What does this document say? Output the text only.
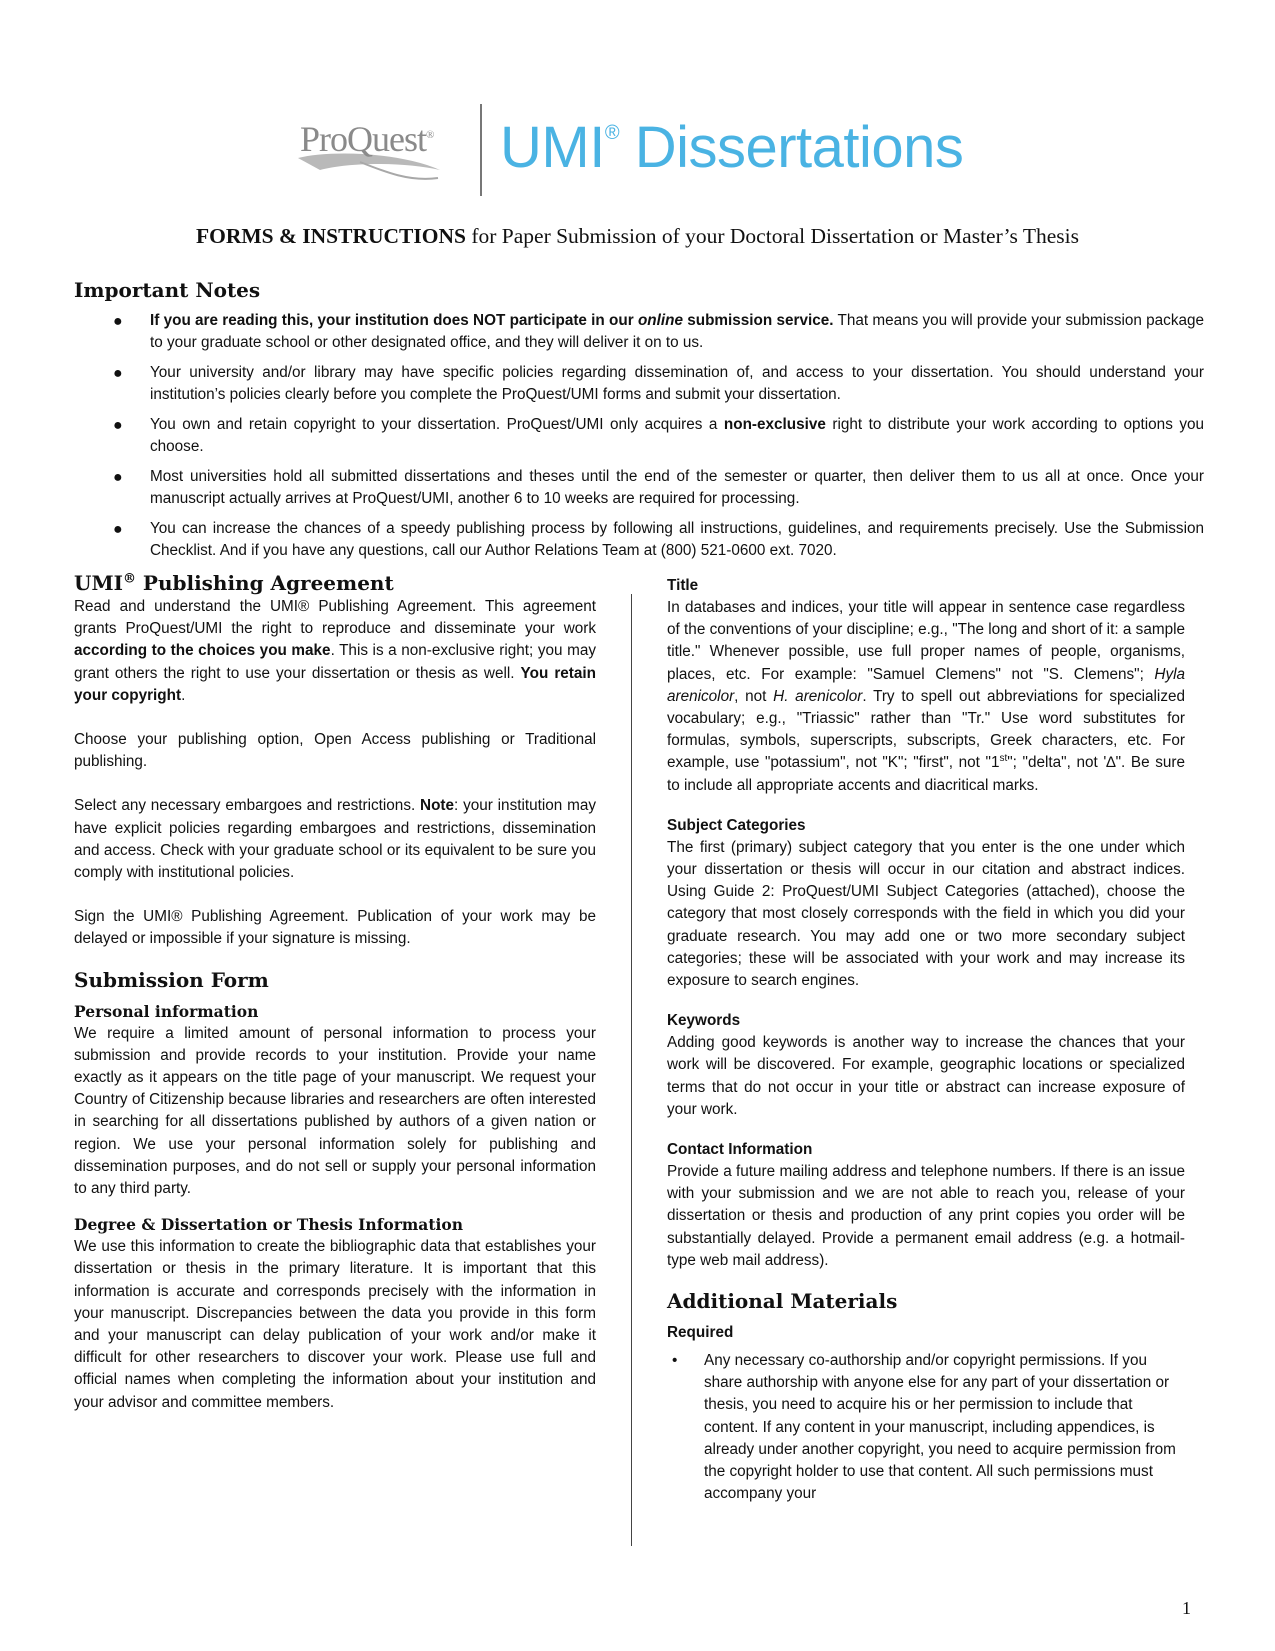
ProQuest® UMI® Dissertations
FORMS & INSTRUCTIONS for Paper Submission of your Doctoral Dissertation or Master’s Thesis
Important Notes
● If you are reading this, your institution does NOT participate in our online submission service. That means you will provide your submission package to your graduate school or other designated office, and they will deliver it on to us.
● Your university and/or library may have specific policies regarding dissemination of, and access to your dissertation. You should understand your institution’s policies clearly before you complete the ProQuest/UMI forms and submit your dissertation.
● You own and retain copyright to your dissertation. ProQuest/UMI only acquires a non-exclusive right to distribute your work according to options you choose.
● Most universities hold all submitted dissertations and theses until the end of the semester or quarter, then deliver them to us all at once. Once your manuscript actually arrives at ProQuest/UMI, another 6 to 10 weeks are required for processing.
● You can increase the chances of a speedy publishing process by following all instructions, guidelines, and requirements precisely. Use the Submission Checklist. And if you have any questions, call our Author Relations Team at (800) 521-0600 ext. 7020.
UMI® Publishing Agreement

Read and understand the UMI® Publishing Agreement. This agreement grants ProQuest/UMI the right to reproduce and disseminate your work according to the choices you make. This is a non-exclusive right; you may grant others the right to use your dissertation or thesis as well. You retain your copyright.

Choose your publishing option, Open Access publishing or Traditional publishing.

Select any necessary embargoes and restrictions. Note: your institution may have explicit policies regarding embargoes and restrictions, dissemination and access. Check with your graduate school or its equivalent to be sure you comply with institutional policies.

Sign the UMI® Publishing Agreement. Publication of your work may be delayed or impossible if your signature is missing.

Submission Form
Personal information

We require a limited amount of personal information to process your submission and provide records to your institution. Provide your name exactly as it appears on the title page of your manuscript. We request your Country of Citizenship because libraries and researchers are often interested in searching for all dissertations published by authors of a given nation or region. We use your personal information solely for publishing and dissemination purposes, and do not sell or supply your personal information to any third party.

Degree & Dissertation or Thesis Information

We use this information to create the bibliographic data that establishes your dissertation or thesis in the primary literature. It is important that this information is accurate and corresponds precisely with the information in your manuscript. Discrepancies between the data you provide in this form and your manuscript can delay publication of your work and/or make it difficult for other researchers to discover your work. Please use full and official names when completing the information about your institution and your advisor and committee members.

Title

In databases and indices, your title will appear in sentence case regardless of the conventions of your discipline; e.g., "The long and short of it: a sample title." Whenever possible, use full proper names of people, organisms, places, etc. For example: "Samuel Clemens" not "S. Clemens"; Hyla arenicolor, not H. arenicolor. Try to spell out abbreviations for specialized vocabulary; e.g., "Triassic" rather than "Tr." Use word substitutes for formulas, symbols, superscripts, subscripts, Greek characters, etc. For example, use "potassium", not "K"; "first", not "1st"; "delta", not '∆". Be sure to include all appropriate accents and diacritical marks.

Subject Categories

The first (primary) subject category that you enter is the one under which your dissertation or thesis will occur in our citation and abstract indices. Using Guide 2: ProQuest/UMI Subject Categories (attached), choose the category that most closely corresponds with the field in which you did your graduate research. You may add one or two more secondary subject categories; these will be associated with your work and may increase its exposure to search engines.

Keywords

Adding good keywords is another way to increase the chances that your work will be discovered. For example, geographic locations or specialized terms that do not occur in your title or abstract can increase exposure of your work.

Contact Information

Provide a future mailing address and telephone numbers. If there is an issue with your submission and we are not able to reach you, release of your dissertation or thesis and production of any print copies you order will be substantially delayed. Provide a permanent email address (e.g. a hotmail-type web mail address).

Additional Materials
Required
• Any necessary co-authorship and/or copyright permissions. If you share authorship with anyone else for any part of your dissertation or thesis, you need to acquire his or her permission to include that content. If any content in your manuscript, including appendices, is already under another copyright, you need to acquire permission from the copyright holder to use that content. All such permissions must accompany your
1
